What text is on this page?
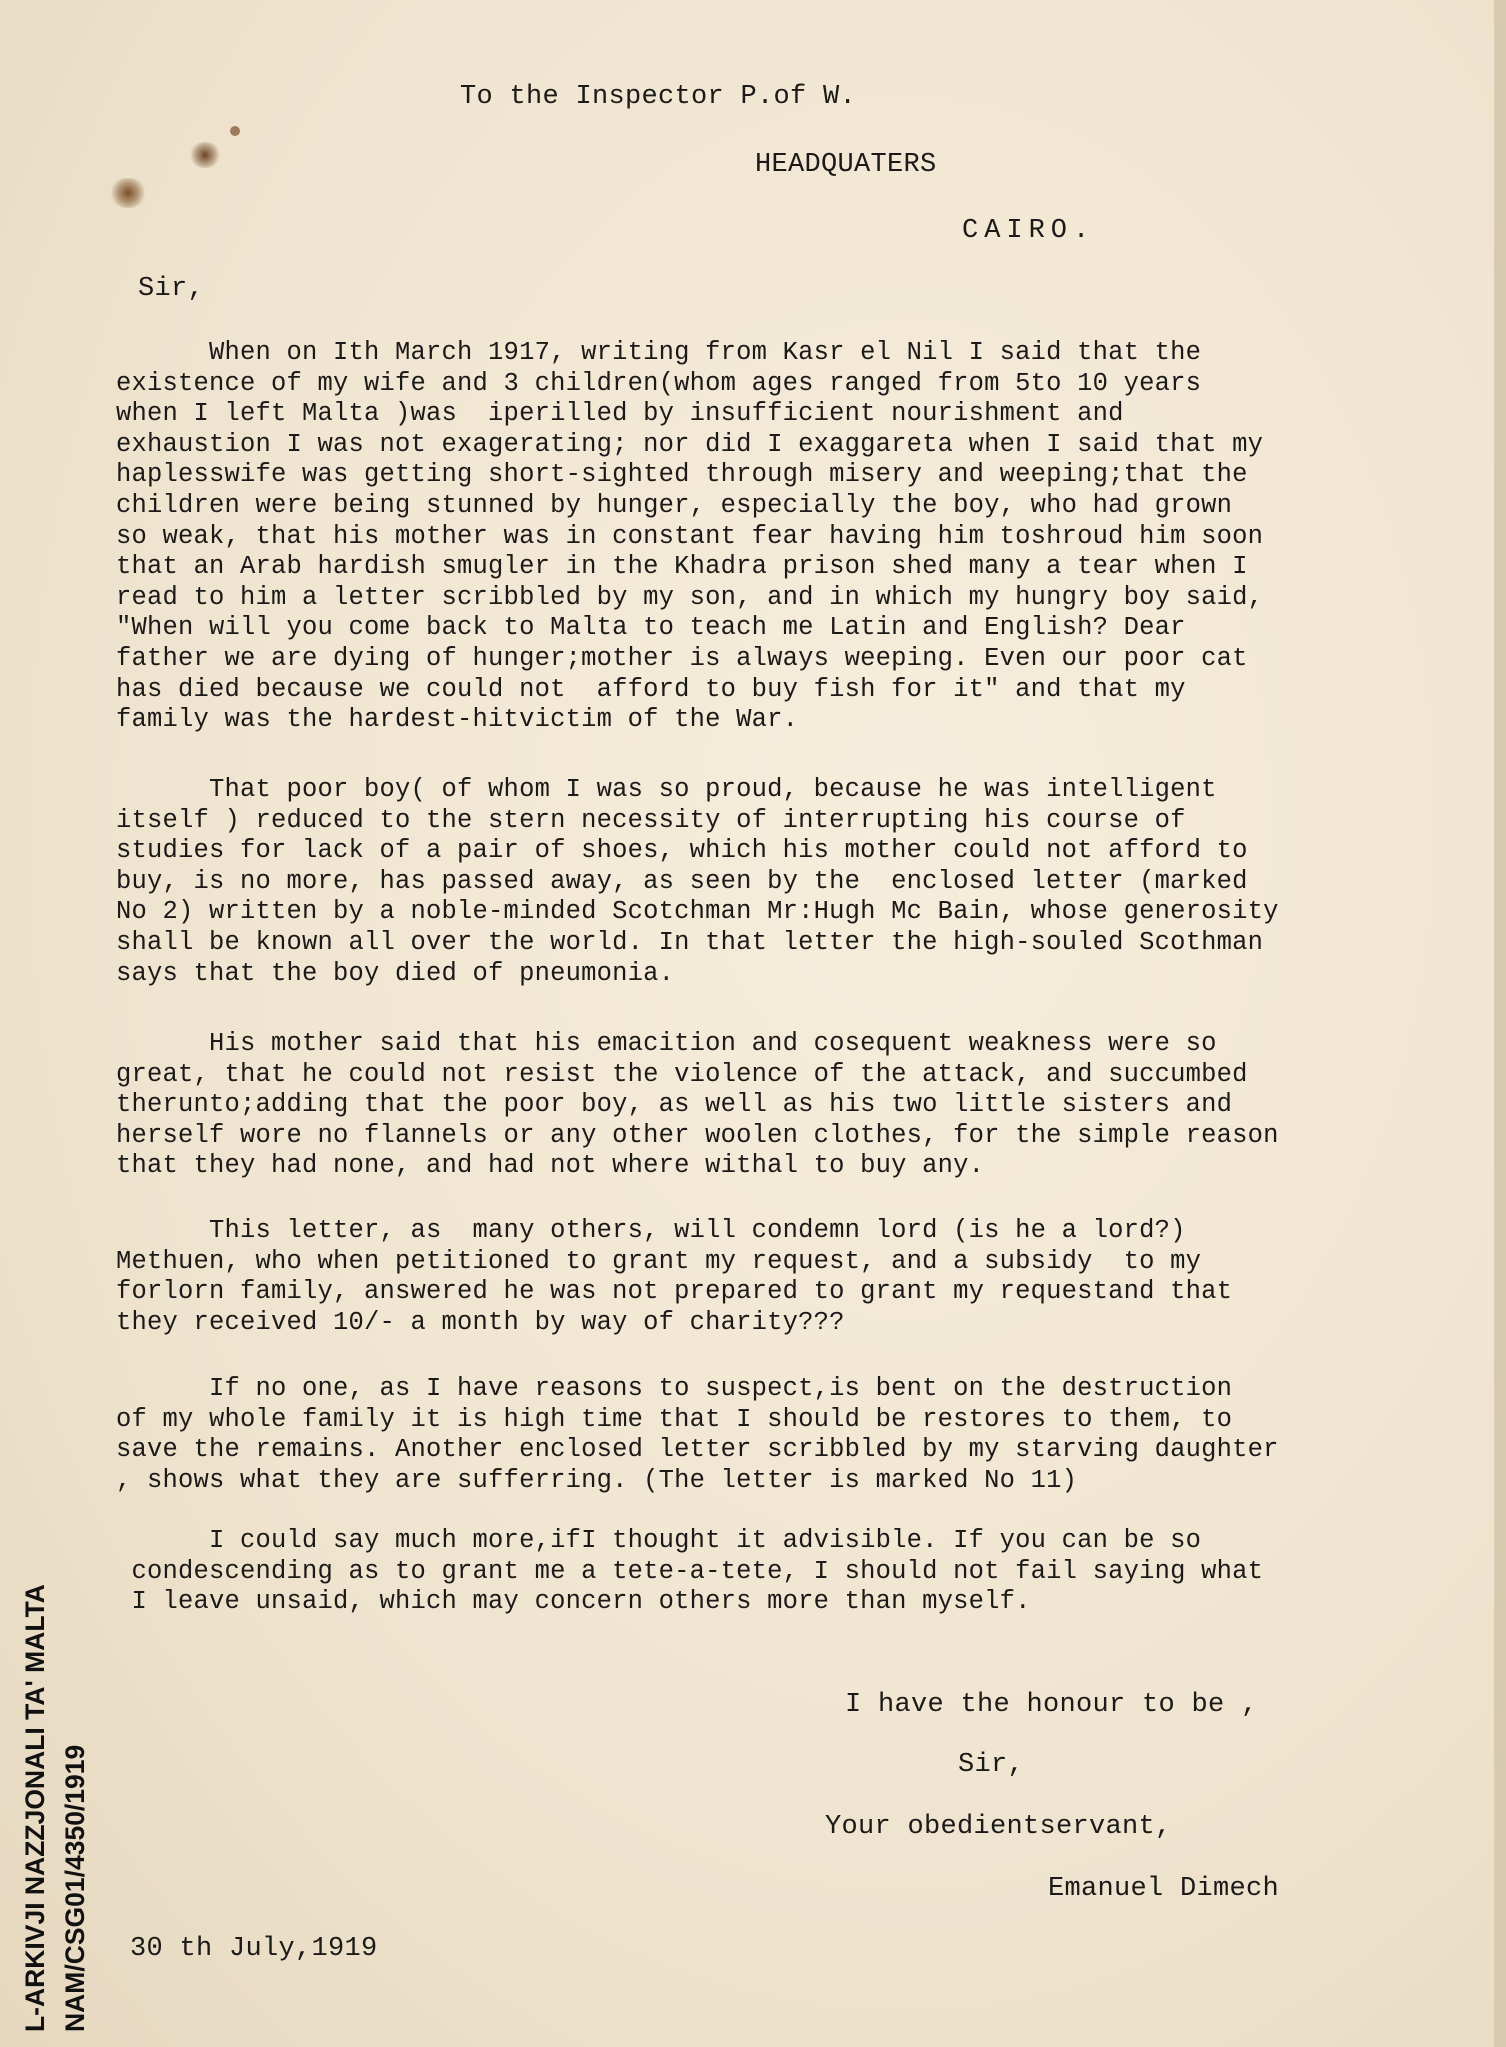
To the Inspector P.of W.

HEADQUATERS

CAIRO.

Sir,

When on Ith March 1917, writing from Kasr el Nil I said that the
existence of my wife and 3 children(whom ages ranged from 5to 10 years
when I left Malta )was  iperilled by insufficient nourishment and
exhaustion I was not exagerating; nor did I exaggareta when I said that my
haplesswife was getting short-sighted through misery and weeping;that the
children were being stunned by hunger, especially the boy, who had grown
so weak, that his mother was in constant fear having him toshroud him soon
that an Arab hardish smugler in the Khadra prison shed many a tear when I
read to him a letter scribbled by my son, and in which my hungry boy said,
"When will you come back to Malta to teach me Latin and English? Dear
father we are dying of hunger;mother is always weeping. Even our poor cat
has died because we could not  afford to buy fish for it" and that my
family was the hardest-hitvictim of the War.
That poor boy( of whom I was so proud, because he was intelligent
itself ) reduced to the stern necessity of interrupting his course of
studies for lack of a pair of shoes, which his mother could not afford to
buy, is no more, has passed away, as seen by the  enclosed letter (marked
No 2) written by a noble-minded Scotchman Mr:Hugh Mc Bain, whose generosity
shall be known all over the world. In that letter the high-souled Scothman
says that the boy died of pneumonia.
His mother said that his emacition and cosequent weakness were so
great, that he could not resist the violence of the attack, and succumbed
therunto;adding that the poor boy, as well as his two little sisters and
herself wore no flannels or any other woolen clothes, for the simple reason
that they had none, and had not where withal to buy any.
This letter, as  many others, will condemn lord (is he a lord?)
Methuen, who when petitioned to grant my request, and a subsidy  to my
forlorn family, answered he was not prepared to grant my requestand that
they received 10/- a month by way of charity???
If no one, as I have reasons to suspect,is bent on the destruction
of my whole family it is high time that I should be restores to them, to
save the remains. Another enclosed letter scribbled by my starving daughter
, shows what they are sufferring. (The letter is marked No 11)
I could say much more,ifI thought it advisible. If you can be so
condescending as to grant me a tete-a-tete, I should not fail saying what
I leave unsaid, which may concern others more than myself.

I have the honour to be ,

Sir,

Your obedientservant,

Emanuel Dimech

30 th July,1919

L-ARKIVJI NAZZJONALI TA' MALTA NAM/CSG01/4350/1919
